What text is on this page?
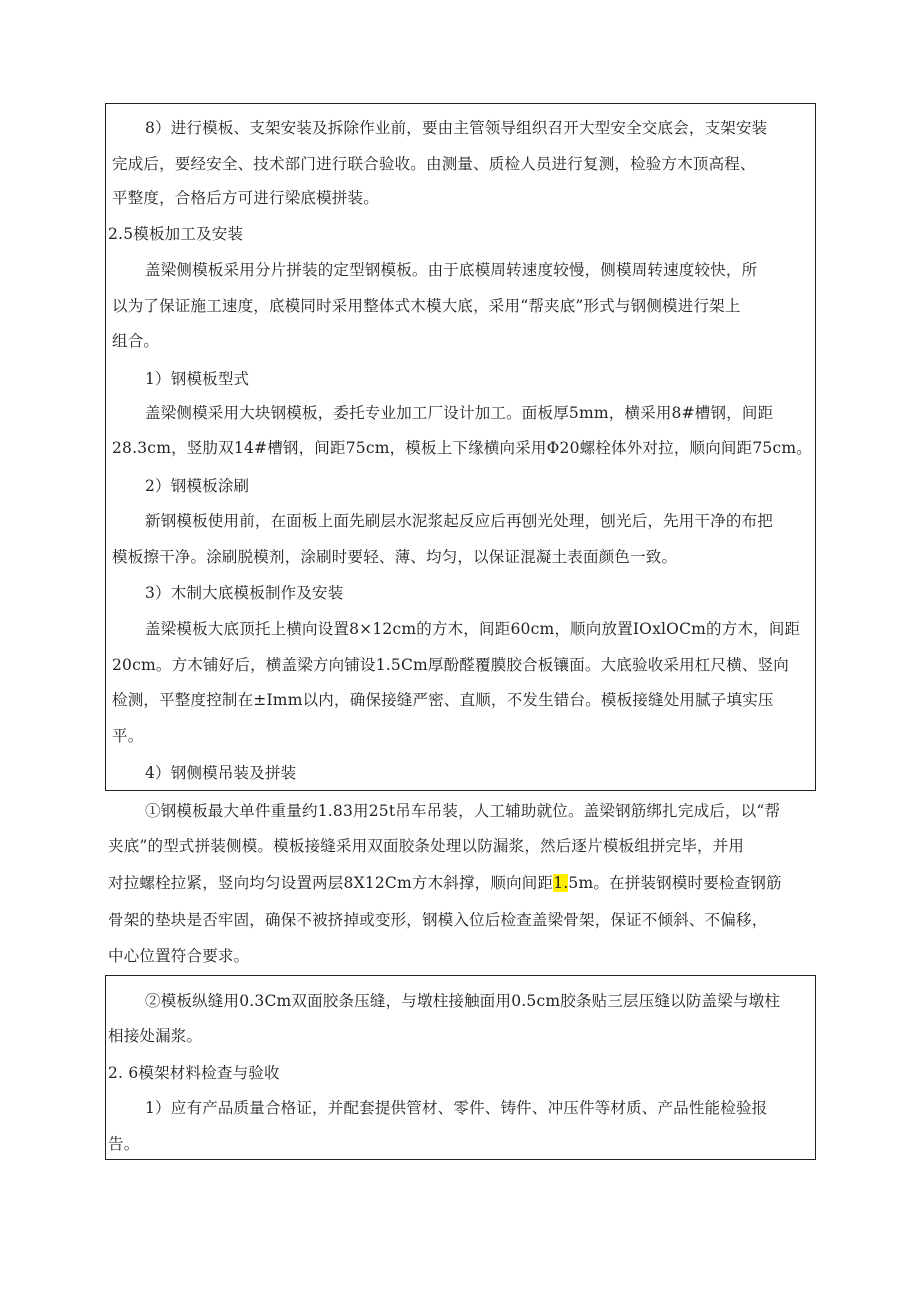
8）进行模板、支架安装及拆除作业前，要由主管领导组织召开大型安全交底会，支架安装
完成后，要经安全、技术部门进行联合验收。由测量、质检人员进行复测，检验方木顶高程、
平整度，合格后方可进行梁底模拼装。
2.5模板加工及安装
盖梁侧模板采用分片拼装的定型钢模板。由于底模周转速度较慢，侧模周转速度较快，所
以为了保证施工速度，底模同时采用整体式木模大底，采用“帮夹底”形式与钢侧模进行架上
组合。
1）钢模板型式
盖梁侧模采用大块钢模板，委托专业加工厂设计加工。面板厚5mm，横采用8#槽钢，间距
28.3cm，竖肋双14#槽钢，间距75cm，模板上下缘横向采用Φ20螺栓体外对拉，顺向间距75cm。
2）钢模板涂刷
新钢模板使用前，在面板上面先刷层水泥浆起反应后再刨光处理，刨光后，先用干净的布把
模板擦干净。涂刷脱模剂，涂刷时要轻、薄、均匀，以保证混凝土表面颜色一致。
3）木制大底模板制作及安装
盖梁模板大底顶托上横向设置8×12cm的方木，间距60cm，顺向放置IOxlOCm的方木，间距
20cm。方木铺好后，横盖梁方向铺设1.5Cm厚酚醛覆膜胶合板镶面。大底验收采用杠尺横、竖向
检测，平整度控制在±Imm以内，确保接缝严密、直顺，不发生错台。模板接缝处用腻子填实压
平。
4）钢侧模吊装及拼装
①钢模板最大单件重量约1.83用25t吊车吊装，人工辅助就位。盖梁钢筋绑扎完成后，以“帮
夹底”的型式拼装侧模。模板接缝采用双面胶条处理以防漏浆，然后逐片模板组拼完毕，并用
对拉螺栓拉紧，竖向均匀设置两层8X12Cm方木斜撑，顺向间距1.5m。在拼装钢模时要检查钢筋
骨架的垫块是否牢固，确保不被挤掉或变形，钢模入位后检查盖梁骨架，保证不倾斜、不偏移，
中心位置符合要求。
②模板纵缝用0.3Cm双面胶条压缝，与墩柱接触面用0.5cm胶条贴三层压缝以防盖梁与墩柱
相接处漏浆。
2. 6模架材料检查与验收
1）应有产品质量合格证，并配套提供管材、零件、铸件、冲压件等材质、产品性能检验报
告。
